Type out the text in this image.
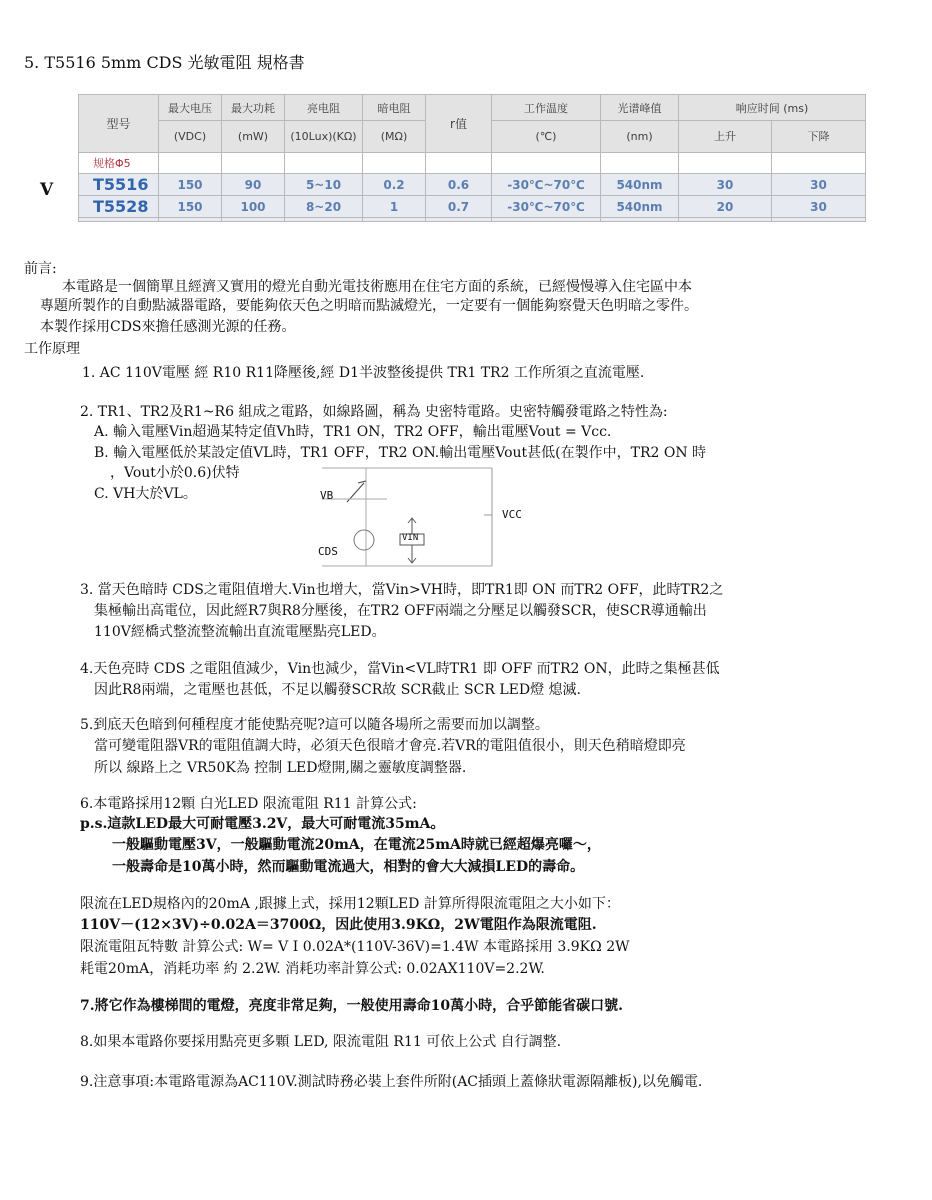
5. T5516 5mm CDS 光敏電阻 規格書
V
型号	最大电压	最大功耗	亮电阻	暗电阻	r值	工作温度	光谱峰值	响应时间 (ms)	
	(VDC)	(mW)	(10Lux)(KΩ)	(MΩ)		(℃)	(nm)	上升	下降
规格Φ5									
T5516	150	90	5~10	0.2	0.6	-30℃~70℃	540nm	30	30
T5528	150	100	8~20	1	0.7	-30℃~70℃	540nm	20	30

前言:
本電路是一個簡單且經濟又實用的燈光自動光電技術應用在住宅方面的系統，已經慢慢導入住宅區中本
專題所製作的自動點滅器電路，要能夠依天色之明暗而點滅燈光，一定要有一個能夠察覺天色明暗之零件。
本製作採用CDS來擔任感測光源的任務。
工作原理
1. AC 110V電壓 經 R10 R11降壓後,經 D1半波整後提供 TR1 TR2 工作所須之直流電壓.
2. TR1、TR2及R1~R6 組成之電路，如線路圖，稱為 史密特電路。史密特觸發電路之特性為:
A. 輸入電壓Vin超過某特定值Vh時，TR1 ON，TR2 OFF，輸出電壓Vout = Vcc.
B. 輸入電壓低於某設定值VL時，TR1 OFF，TR2 ON.輸出電壓Vout甚低(在製作中，TR2 ON 時
，Vout小於0.6)伏特
C. VH大於VL。	VB
VCC
VIN
CDS
3. 當天色暗時 CDS之電阻值增大.Vin也增大，當Vin>VH時，即TR1即 ON 而TR2 OFF，此時TR2之
集極輸出高電位，因此經R7與R8分壓後，在TR2 OFF兩端之分壓足以觸發SCR，使SCR導通輸出
110V經橋式整流整流輸出直流電壓點亮LED。
4.天色亮時 CDS 之電阻值減少，Vin也減少，當Vin<VL時TR1 即 OFF 而TR2 ON，此時之集極甚低
因此R8兩端，之電壓也甚低，不足以觸發SCR故 SCR截止 SCR LED燈 熄滅.
5.到底天色暗到何種程度才能使點亮呢?這可以隨各場所之需要而加以調整。
當可變電阻器VR的電阻值調大時，必須天色很暗才會亮.若VR的電阻值很小，則天色稍暗燈即亮
所以 線路上之 VR50K為 控制 LED燈開,關之靈敏度調整器.
6.本電路採用12顆 白光LED 限流電阻 R11 計算公式:
p.s.這款LED最大可耐電壓3.2V，最大可耐電流35mA。
一般驅動電壓3V，一般驅動電流20mA，在電流25mA時就已經超爆亮囉～，
一般壽命是10萬小時，然而驅動電流過大，相對的會大大減損LED的壽命。
限流在LED規格內的20mA ,跟據上式，採用12顆LED 計算所得限流電阻之大小如下：
110V－(12×3V)÷0.02A＝3700Ω，因此使用3.9KΩ，2W電阻作為限流電阻.
限流電阻瓦特數 計算公式: W= V I 0.02A*(110V-36V)=1.4W 本電路採用 3.9KΩ 2W
耗電20mA，消耗功率 約 2.2W. 消耗功率計算公式: 0.02AX110V=2.2W.
7.將它作為樓梯間的電燈，亮度非常足夠，一般使用壽命10萬小時，合乎節能省碳口號.
8.如果本電路你要採用點亮更多顆 LED, 限流電阻 R11 可依上公式 自行調整.
9.注意事項:本電路電源為AC110V.測試時務必裝上套件所附(AC插頭上蓋條狀電源隔離板),以免觸電.
